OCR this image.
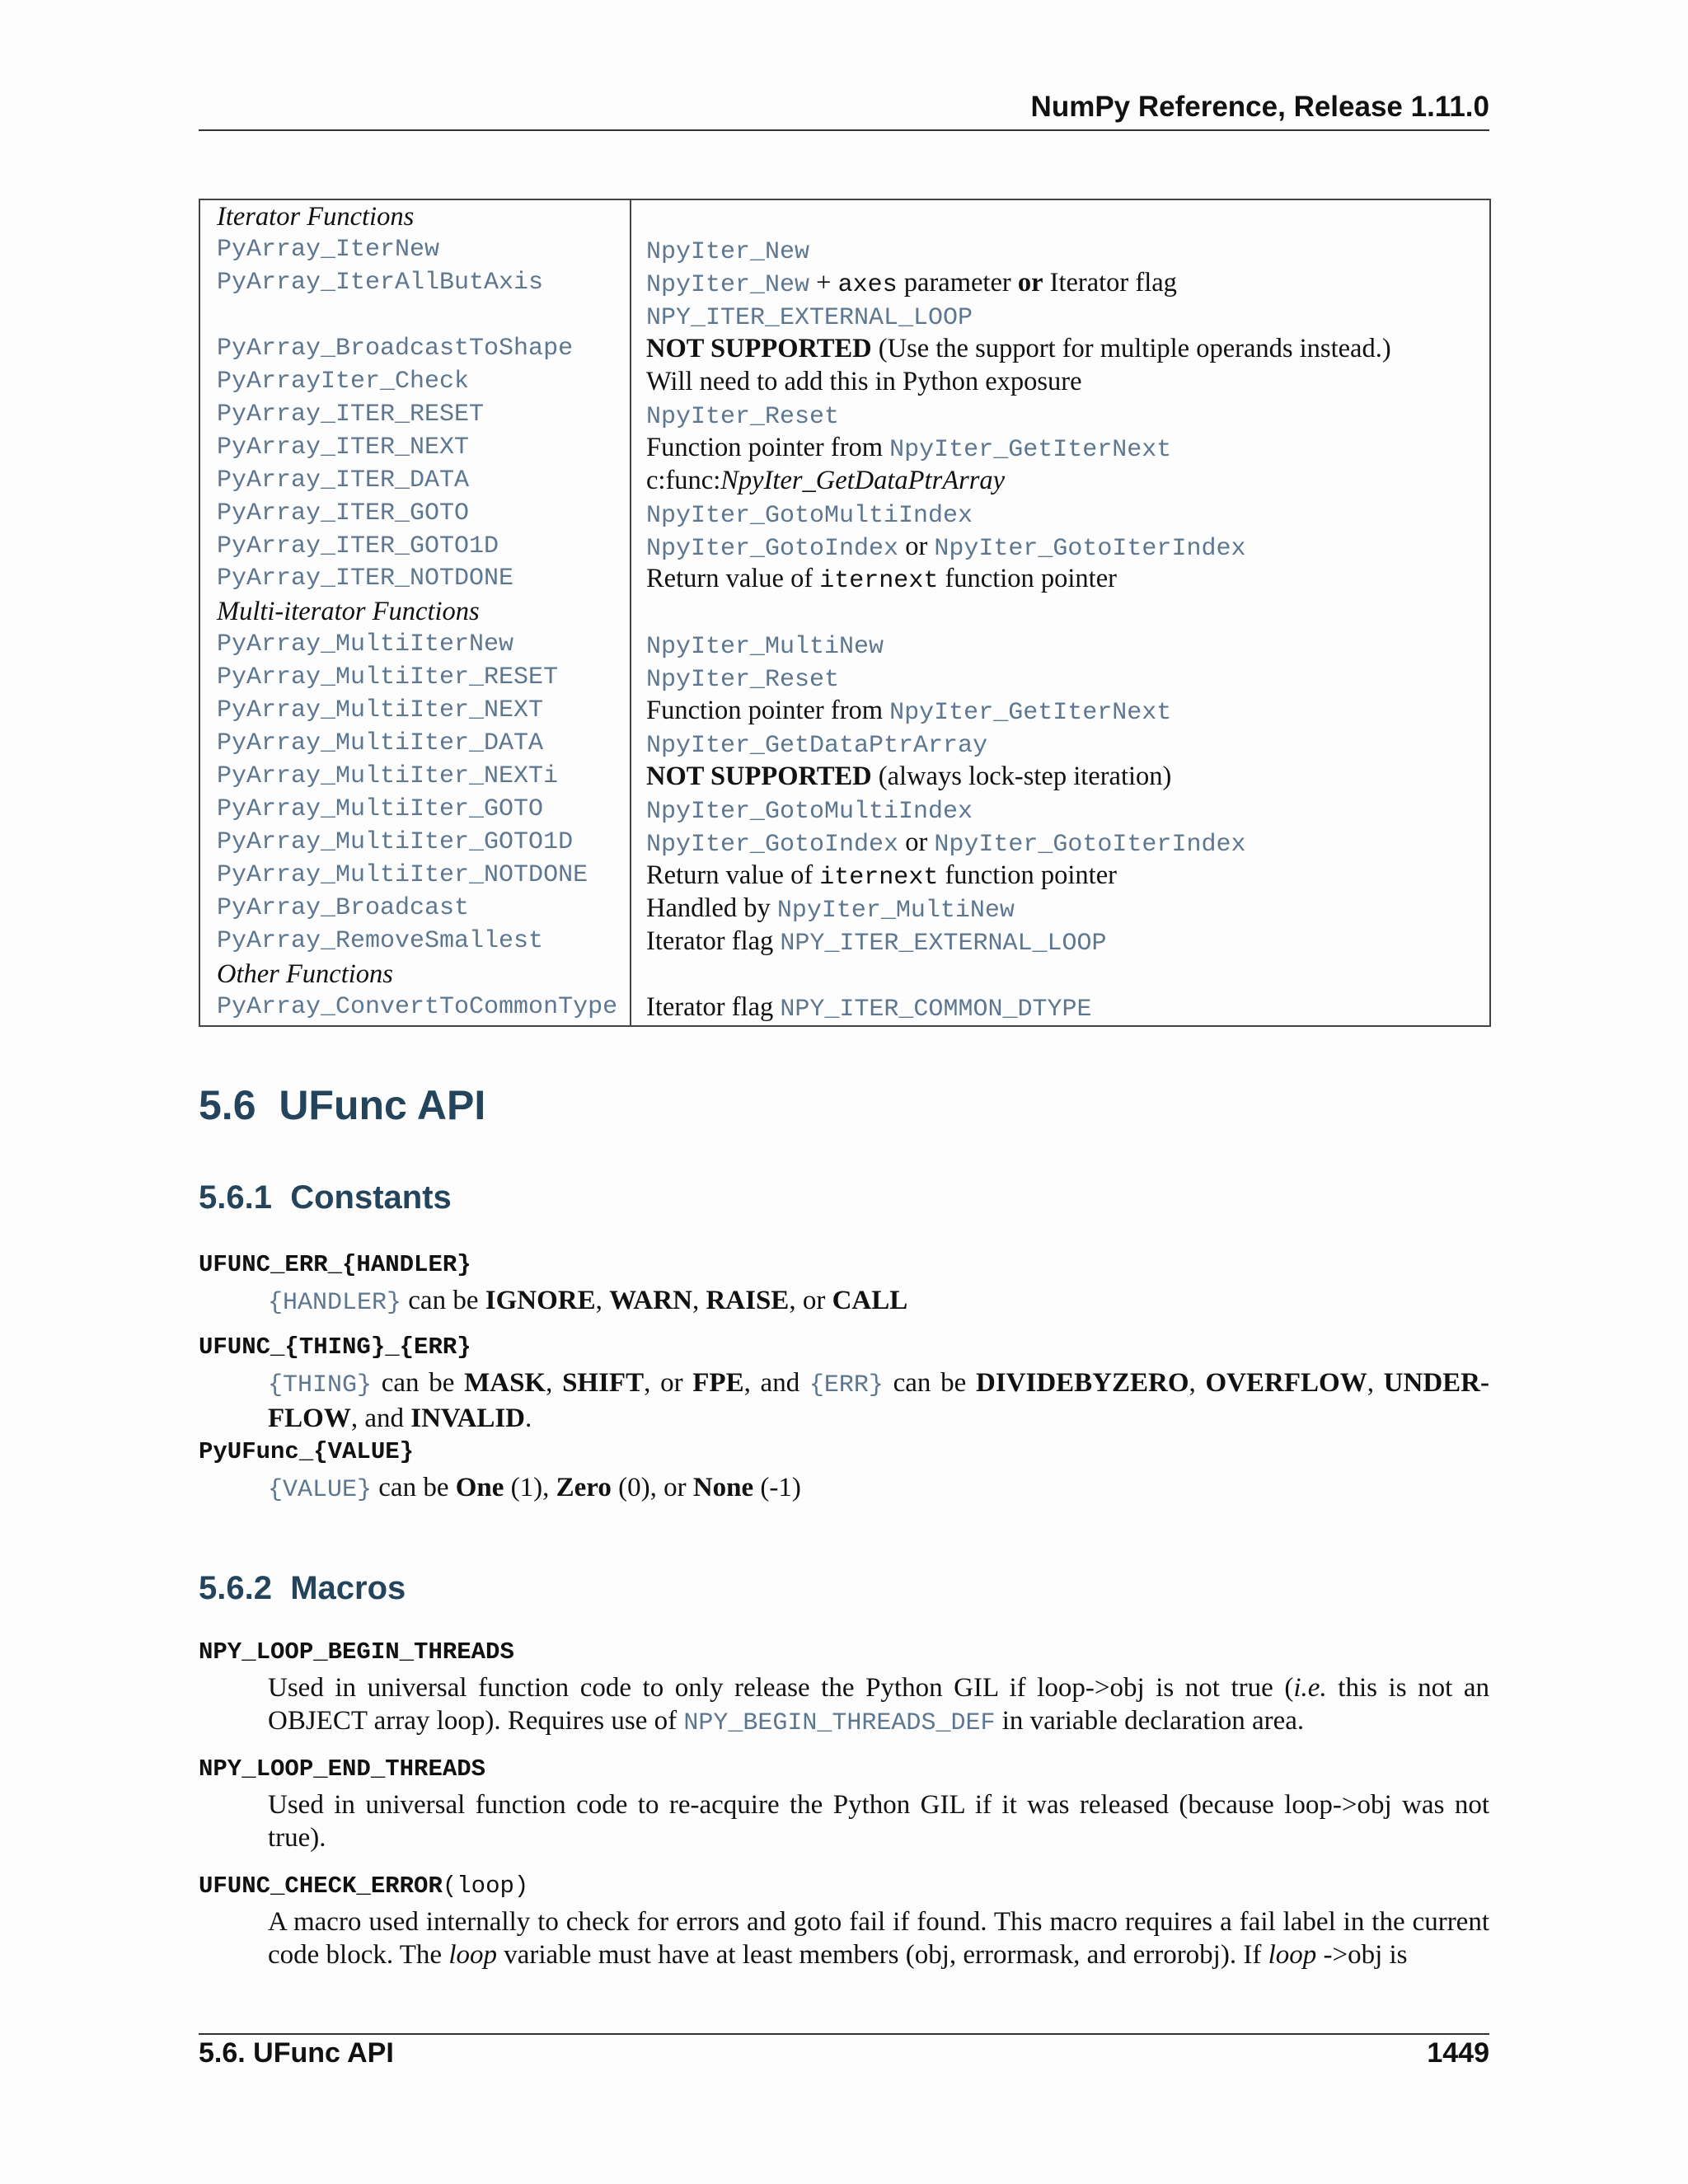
NumPy Reference, Release 1.11.0
Iterator Functions
PyArray_IterNew	NpyIter_New
PyArray_IterAllButAxis	NpyIter_New + axes parameter or Iterator flag
NPY_ITER_EXTERNAL_LOOP
PyArray_BroadcastToShape	NOT SUPPORTED (Use the support for multiple operands instead.)
PyArrayIter_Check	Will need to add this in Python exposure
PyArray_ITER_RESET	NpyIter_Reset
PyArray_ITER_NEXT	Function pointer from NpyIter_GetIterNext
PyArray_ITER_DATA	c:func:NpyIter_GetDataPtrArray
PyArray_ITER_GOTO	NpyIter_GotoMultiIndex
PyArray_ITER_GOTO1D	NpyIter_GotoIndex or NpyIter_GotoIterIndex
PyArray_ITER_NOTDONE	Return value of iternext function pointer
Multi-iterator Functions
PyArray_MultiIterNew	NpyIter_MultiNew
PyArray_MultiIter_RESET	NpyIter_Reset
PyArray_MultiIter_NEXT	Function pointer from NpyIter_GetIterNext
PyArray_MultiIter_DATA	NpyIter_GetDataPtrArray
PyArray_MultiIter_NEXTi	NOT SUPPORTED (always lock-step iteration)
PyArray_MultiIter_GOTO	NpyIter_GotoMultiIndex
PyArray_MultiIter_GOTO1D	NpyIter_GotoIndex or NpyIter_GotoIterIndex
PyArray_MultiIter_NOTDONE Return value of iternext function pointer
PyArray_Broadcast	Handled by NpyIter_MultiNew
PyArray_RemoveSmallest	Iterator flag NPY_ITER_EXTERNAL_LOOP
Other Functions
PyArray_ConvertToCommonType Iterator flag NPY_ITER_COMMON_DTYPE
5.6 UFunc API
5.6.1 Constants
5.6.2 Macros
UFUNC_ERR_{HANDLER}
{HANDLER} can be IGNORE, WARN, RAISE, or CALL
UFUNC_{THING}_{ERR}
{THING} can be MASK, SHIFT, or FPE, and {ERR} can be DIVIDEBYZERO, OVERFLOW, UNDER-FLOW, and INVALID.
PyUFunc_{VALUE}
{VALUE} can be One (1), Zero (0), or None (-1)
NPY_LOOP_BEGIN_THREADS
Used in universal function code to only release the Python GIL if loop->obj is not true (i.e. this is not an OBJECT array loop). Requires use of NPY_BEGIN_THREADS_DEF in variable declaration area.
NPY_LOOP_END_THREADS
Used in universal function code to re-acquire the Python GIL if it was released (because loop->obj was not true).
UFUNC_CHECK_ERROR(loop)
A macro used internally to check for errors and goto fail if found. This macro requires a fail label in the current code block. The loop variable must have at least members (obj, errormask, and errorobj). If loop ->obj is
5.6. UFunc API	1449
